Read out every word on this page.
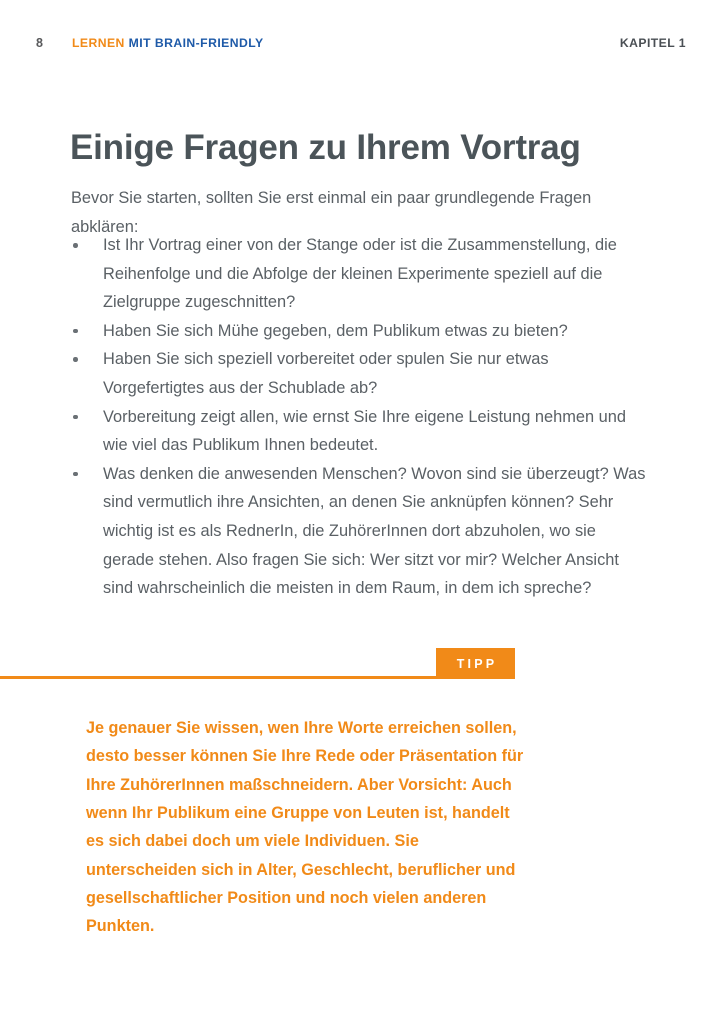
8	LERNEN MIT BRAIN-FRIENDLY	KAPITEL 1
Einige Fragen zu Ihrem Vortrag

Bevor Sie starten, sollten Sie erst einmal ein paar grundlegende Fragen abklären:

Ist Ihr Vortrag einer von der Stange oder ist die Zusammenstellung, die Reihenfolge und die Abfolge der kleinen Experimente speziell auf die Zielgruppe zugeschnitten?
Haben Sie sich Mühe gegeben, dem Publikum etwas zu bieten?
Haben Sie sich speziell vorbereitet oder spulen Sie nur etwas Vorgefertigtes aus der Schublade ab?
Vorbereitung zeigt allen, wie ernst Sie Ihre eigene Leistung nehmen und wie viel das Publikum Ihnen bedeutet.
Was denken die anwesenden Menschen? Wovon sind sie überzeugt? Was sind vermutlich ihre Ansichten, an denen Sie anknüpfen können? Sehr wichtig ist es als RednerIn, die ZuhörerInnen dort abzuholen, wo sie gerade stehen. Also fragen Sie sich: Wer sitzt vor mir? Welcher Ansicht sind wahrscheinlich die meisten in dem Raum, in dem ich spreche?
TIPP

Je genauer Sie wissen, wen Ihre Worte erreichen sollen, desto besser können Sie Ihre Rede oder Präsentation für Ihre ZuhörerInnen maßschneidern. Aber Vorsicht: Auch wenn Ihr Publikum eine Gruppe von Leuten ist, handelt es sich dabei doch um viele Individuen. Sie unterscheiden sich in Alter, Geschlecht, beruflicher und gesellschaftlicher Position und noch vielen anderen Punkten.
